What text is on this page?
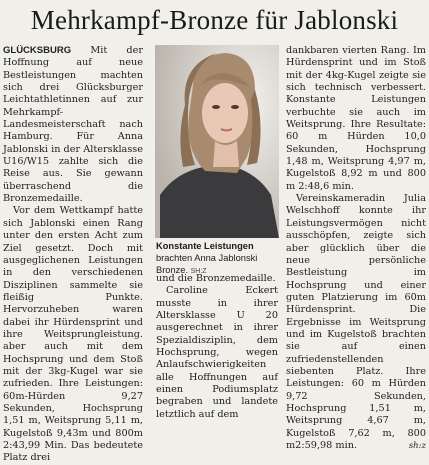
Mehrkampf-Bronze für Jablonski

GLÜCKSBURG Mit der Hoffnung auf neue Bestleistungen machten sich drei Glücksburger Leichtathletinnen auf zur Mehrkampf-Landesmeisterschaft nach Hamburg. Für Anna Jablonski in der Altersklasse U16/W15 zahlte sich die Reise aus. Sie gewann überraschend die Bronzemedaille.

Vor dem Wettkampf hatte sich Jablonski einen Rang unter den ersten Acht zum Ziel gesetzt. Doch mit ausgeglichenen Leistungen in den verschiedenen Disziplinen sammelte sie fleißig Punkte. Hervorzuheben waren dabei ihr Hürdensprint und ihre Weitsprungleistung. aber auch mit dem Hochsprung und dem Stoß mit der 3kg-Kugel war sie zufrieden. Ihre Leistungen: 60m-Hürden 9,27 Sekunden, Hochsprung 1,51 m, Weitsprung 5,11 m, Kugelstoß 9,43m und 800m 2:43,99 Min. Das bedeutete Platz drei

Konstante Leistungen brachten Anna Jablonski Bronze. SH:Z

und die Bronzemedaille.

Caroline Eckert musste in ihrer Altersklasse U 20 ausgerechnet in ihrer Spezialdisziplin, dem Hochsprung, wegen Anlaufschwierigkeiten alle Hoffnungen auf einen Podiumsplatz begraben und landete letztlich auf dem

dankbaren vierten Rang. Im Hürdensprint und im Stoß mit der 4kg-Kugel zeigte sie sich technisch verbessert. Konstante Leistungen verbuchte sie auch im Weitsprung. Ihre Resultate: 60 m Hürden 10,0 Sekunden, Hochsprung 1,48 m, Weitsprung 4,97 m, Kugelstoß 8,92 m und 800 m 2:48,6 min.

Vereinskameradin Julia Welschhoff konnte ihr Leistungsvermögen nicht ausschöpfen, zeigte sich aber glücklich über die neue persönliche Bestleistung im Hochsprung und einer guten Platzierung im 60m Hürdensprint. Die Ergebnisse im Weitsprung und im Kugelstoß brachten sie auf einen zufriedenstellenden siebenten Platz. Ihre Leistungen: 60 m Hürden 9,72 Sekunden, Hochsprung 1,51 m, Weitsprung 4,67 m, Kugelstoß 7,62 m, 800 m2:59,98 min.	sh:z
